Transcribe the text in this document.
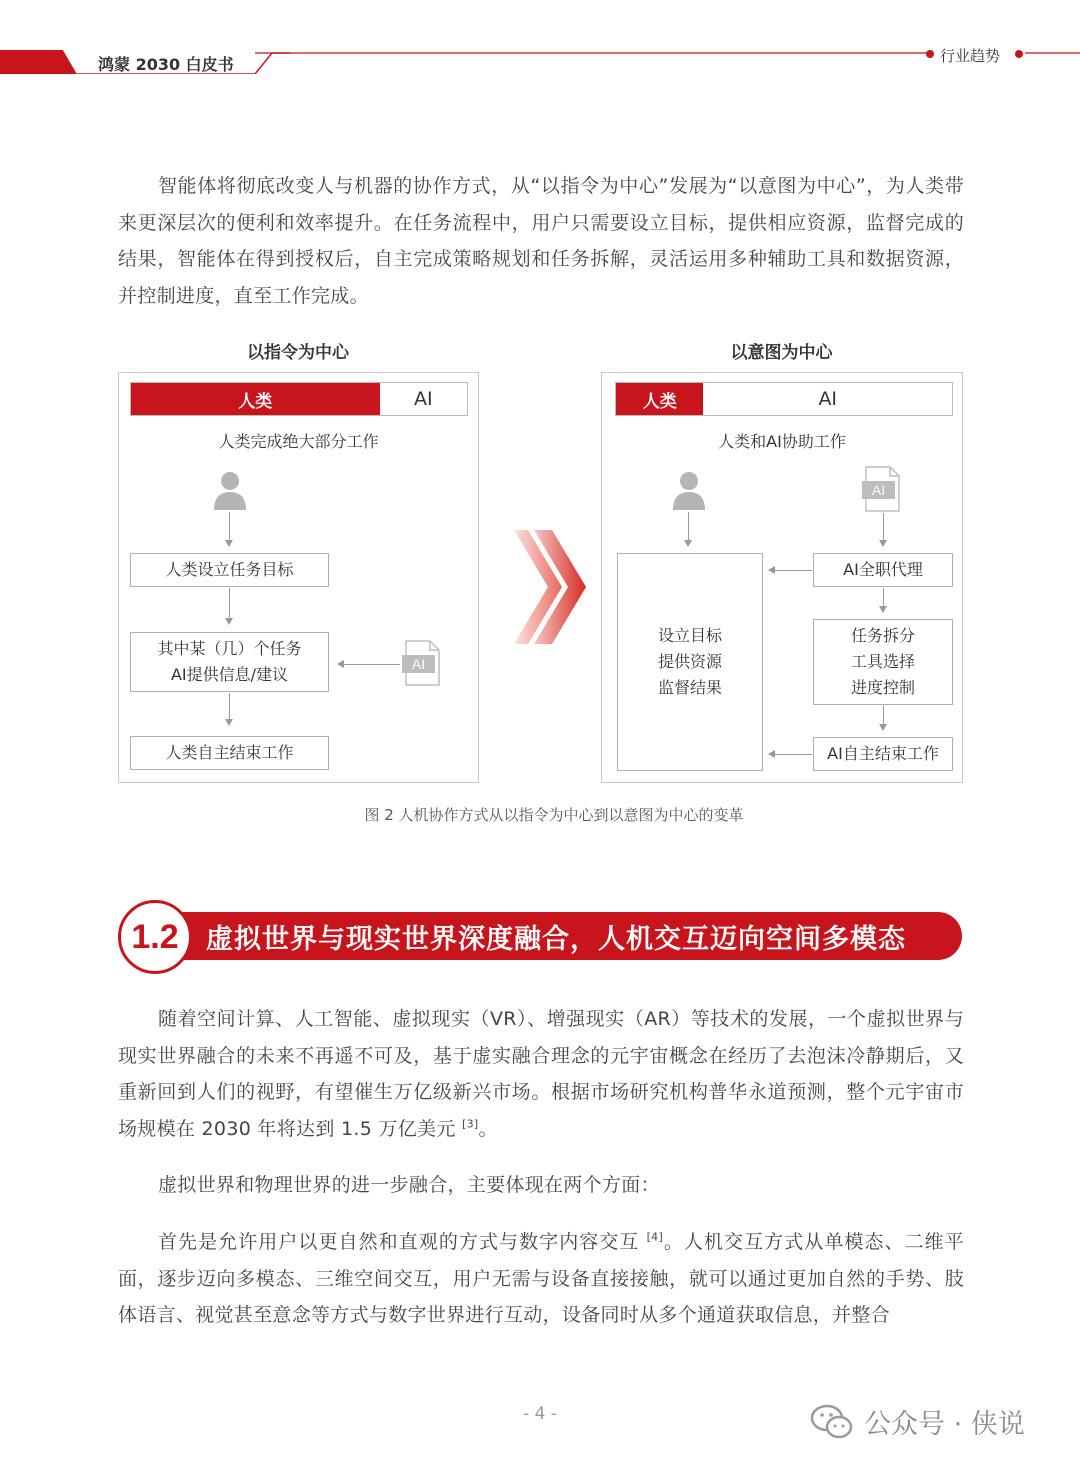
鸿蒙 2030 白皮书	行业趋势

智能体将彻底改变人与机器的协作方式，从“以指令为中心”发展为“以意图为中心”，为人类带来更深层次的便利和效率提升。在任务流程中，用户只需要设立目标，提供相应资源，监督完成的结果，智能体在得到授权后，自主完成策略规划和任务拆解，灵活运用多种辅助工具和数据资源，并控制进度，直至工作完成。

以指令为中心
人类	AI
人类完成绝大部分工作
人类设立任务目标
其中某（几）个任务
AI提供信息/建议
AI
人类自主结束工作
以意图为中心
人类	AI
人类和AI协助工作
设立目标
提供资源
监督结果
AI
AI全职代理
任务拆分
工具选择
进度控制
AI自主结束工作
图 2 人机协作方式从以指令为中心到以意图为中心的变革
1.2 虚拟世界与现实世界深度融合，人机交互迈向空间多模态

随着空间计算、人工智能、虚拟现实（VR）、增强现实（AR）等技术的发展，一个虚拟世界与现实世界融合的未来不再遥不可及，基于虚实融合理念的元宇宙概念在经历了去泡沫冷静期后，又重新回到人们的视野，有望催生万亿级新兴市场。根据市场研究机构普华永道预测，整个元宇宙市场规模在 2030 年将达到 1.5 万亿美元 [3]。

虚拟世界和物理世界的进一步融合，主要体现在两个方面：

首先是允许用户以更自然和直观的方式与数字内容交互 [4]。人机交互方式从单模态、二维平面，逐步迈向多模态、三维空间交互，用户无需与设备直接接触，就可以通过更加自然的手势、肢体语言、视觉甚至意念等方式与数字世界进行互动，设备同时从多个通道获取信息，并整合

- 4 -	公众号 · 侠说
